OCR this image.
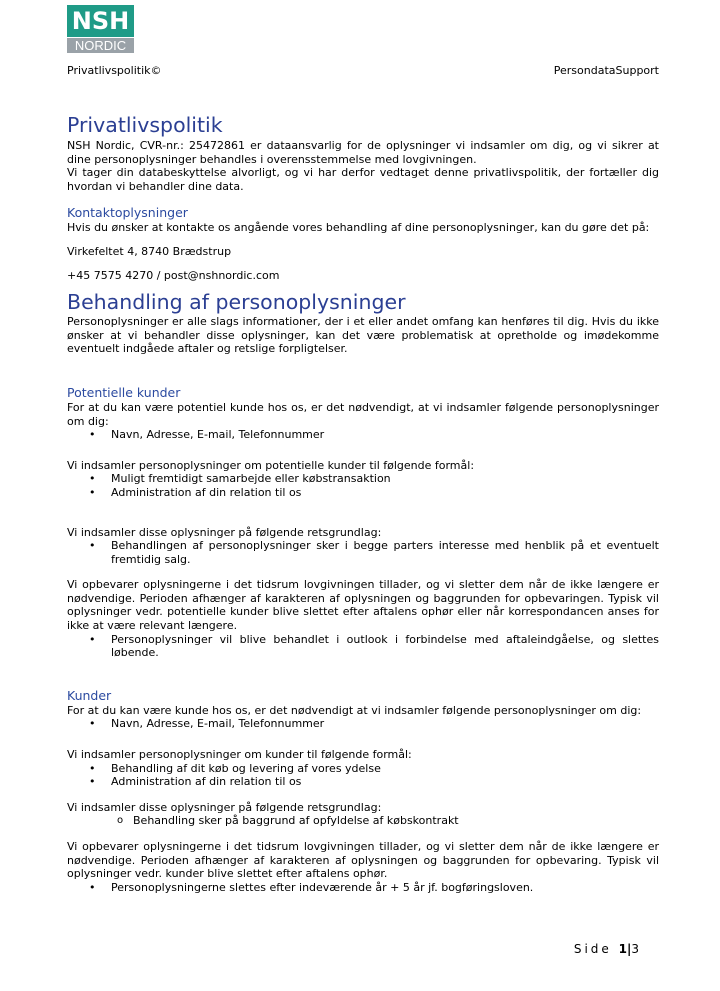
NSH
NORDIC
Privatlivspolitik©	PersondataSupport
Privatlivspolitik

NSH Nordic, CVR-nr.: 25472861 er dataansvarlig for de oplysninger vi indsamler om dig, og vi sikrer at dine personoplysninger behandles i overensstemmelse med lovgivningen.

Vi tager din databeskyttelse alvorligt, og vi har derfor vedtaget denne privatlivspolitik, der fortæller dig hvordan vi behandler dine data.

Kontaktoplysninger

Hvis du ønsker at kontakte os angående vores behandling af dine personoplysninger, kan du gøre det på:

Virkefeltet 4, 8740 Brædstrup

+45 7575 4270 / post@nshnordic.com

Behandling af personoplysninger

Personoplysninger er alle slags informationer, der i et eller andet omfang kan henføres til dig. Hvis du ikke ønsker at vi behandler disse oplysninger, kan det være problematisk at opretholde og imødekomme eventuelt indgåede aftaler og retslige forpligtelser.

Potentielle kunder

For at du kan være potentiel kunde hos os, er det nødvendigt, at vi indsamler følgende personoplysninger om dig:

• Navn, Adresse, E-mail, Telefonnummer

Vi indsamler personoplysninger om potentielle kunder til følgende formål:

• Muligt fremtidigt samarbejde eller købstransaktion
• Administration af din relation til os

Vi indsamler disse oplysninger på følgende retsgrundlag:

• Behandlingen af personoplysninger sker i begge parters interesse med henblik på et eventuelt fremtidig salg.

Vi opbevarer oplysningerne i det tidsrum lovgivningen tillader, og vi sletter dem når de ikke længere er nødvendige. Perioden afhænger af karakteren af oplysningen og baggrunden for opbevaringen. Typisk vil oplysninger vedr. potentielle kunder blive slettet efter aftalens ophør eller når korrespondancen anses for ikke at være relevant længere.

• Personoplysninger vil blive behandlet i outlook i forbindelse med aftaleindgåelse, og slettes løbende.
Kunder

For at du kan være kunde hos os, er det nødvendigt at vi indsamler følgende personoplysninger om dig:

• Navn, Adresse, E-mail, Telefonnummer

Vi indsamler personoplysninger om kunder til følgende formål:

• Behandling af dit køb og levering af vores ydelse
• Administration af din relation til os

Vi indsamler disse oplysninger på følgende retsgrundlag:

o Behandling sker på baggrund af opfyldelse af købskontrakt

Vi opbevarer oplysningerne i det tidsrum lovgivningen tillader, og vi sletter dem når de ikke længere er nødvendige. Perioden afhænger af karakteren af oplysningen og baggrunden for opbevaring. Typisk vil oplysninger vedr. kunder blive slettet efter aftalens ophør.

• Personoplysningerne slettes efter indeværende år + 5 år jf. bogføringsloven.
Side 1|3
